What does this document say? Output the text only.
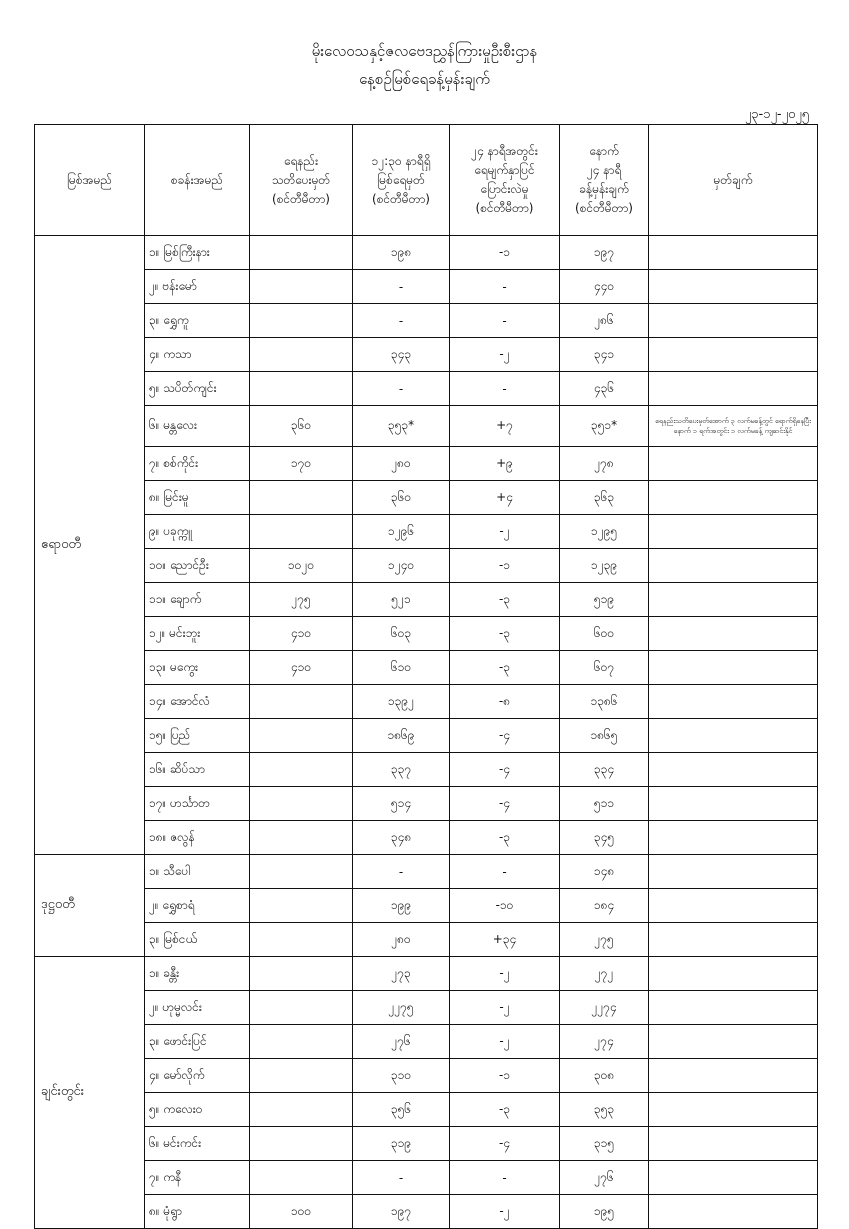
မိုးလေဝသနှင့်ဇလဗေဒညွှန်ကြားမှုဦးစီးဌာန
နေ့စဉ်မြစ်ရေခန့်မှန်းချက်
၂၃-၁၂-၂၀၂၅
မြစ်အမည်	စခန်းအမည်	ရေနည်း
သတိပေးမှတ်
(စင်တီမီတာ)	၁၂:၃၀ နာရီရှိ
မြစ်ရေမှတ်
(စင်တီမီတာ)	၂၄ နာရီအတွင်း
ရေမျက်နှာပြင်
ပြောင်းလဲမှု
(စင်တီမီတာ)	နောက်
၂၄ နာရီ
ခန့်မှန်းချက်
(စင်တီမီတာ)	မှတ်ချက်
ဧရာဝတီ	၁။ မြစ်ကြီးနား		၁၉၈	-၁	၁၉၇	
	၂။ ဗန်းမော်		-	-	၄၄၀	
	၃။ ရွှေကူ		-	-	၂၈၆	
	၄။ ကသာ		၃၄၃	-၂	၃၄၁	
	၅။ သပိတ်ကျင်း		-	-	၄၃၆	
	၆။ မန္တလေး	၃၆၀	၃၅၃*	+၇	၃၅၁*	ရေနည်းသတိပေးမှတ်အောက် ၃ လက်မခန့်တွင် ရောက်ရှိနေပြီး နောက် ၁ ရက်အတွင်း ၁ လက်မခန့် ကျဆင်းနိုင်
	၇။ စစ်ကိုင်း	၁၇၀	၂၈၀	+၉	၂၇၈	
	၈။ မြင်းမူ		၃၆၀	+၄	၃၆၃	
	၉။ ပခုက္ကူ		၁၂၉၆	-၂	၁၂၉၅	
	၁၀။ ညောင်ဦး	၁၀၂၀	၁၂၄၀	-၁	၁၂၃၉	
	၁၁။ ချောက်	၂၇၅	၅၂၁	-၃	၅၁၉	
	၁၂။ မင်းဘူး	၄၁၀	၆၀၃	-၃	၆၀၀	
	၁၃။ မကွေး	၄၁၀	၆၁၀	-၃	၆၀၇	
	၁၄။ အောင်လံ		၁၃၉၂	-၈	၁၃၈၆	
	၁၅။ ပြည်		၁၈၆၉	-၄	၁၈၆၅	
	၁၆။ ဆိပ်သာ		၃၃၇	-၄	၃၃၄	
	၁၇။ ဟင်္သာတ		၅၁၄	-၄	၅၁၁	
	၁၈။ ဇလွန်		၃၄၈	-၃	၃၄၅	
ဒုဋ္ဌဝတီ	၁။ သီပေါ		-	-	၁၄၈	
	၂။ ရွှေစာရံ		၁၉၉	-၁၀	၁၈၄	
	၃။ မြစ်ငယ်		၂၈၀	+၃၄	၂၇၅	
ချင်းတွင်း	၁။ ခန္တီး		၂၇၃	-၂	၂၇၂	
	၂။ ဟုမ္မလင်း		၂၂၇၅	-၂	၂၂၇၄	
	၃။ ဖောင်းပြင်		၂၇၆	-၂	၂၇၄	
	၄။ မော်လိုက်		၃၁၀	-၁	၃၀၈	
	၅။ ကလေးဝ		၃၅၆	-၃	၃၅၃	
	၆။ မင်းကင်း		၃၁၉	-၄	၃၁၅	
	၇။ ကနီ		-	-	၂၇၆	
	၈။ မုံရွာ	၁၀၀	၁၉၇	-၂	၁၉၅	
